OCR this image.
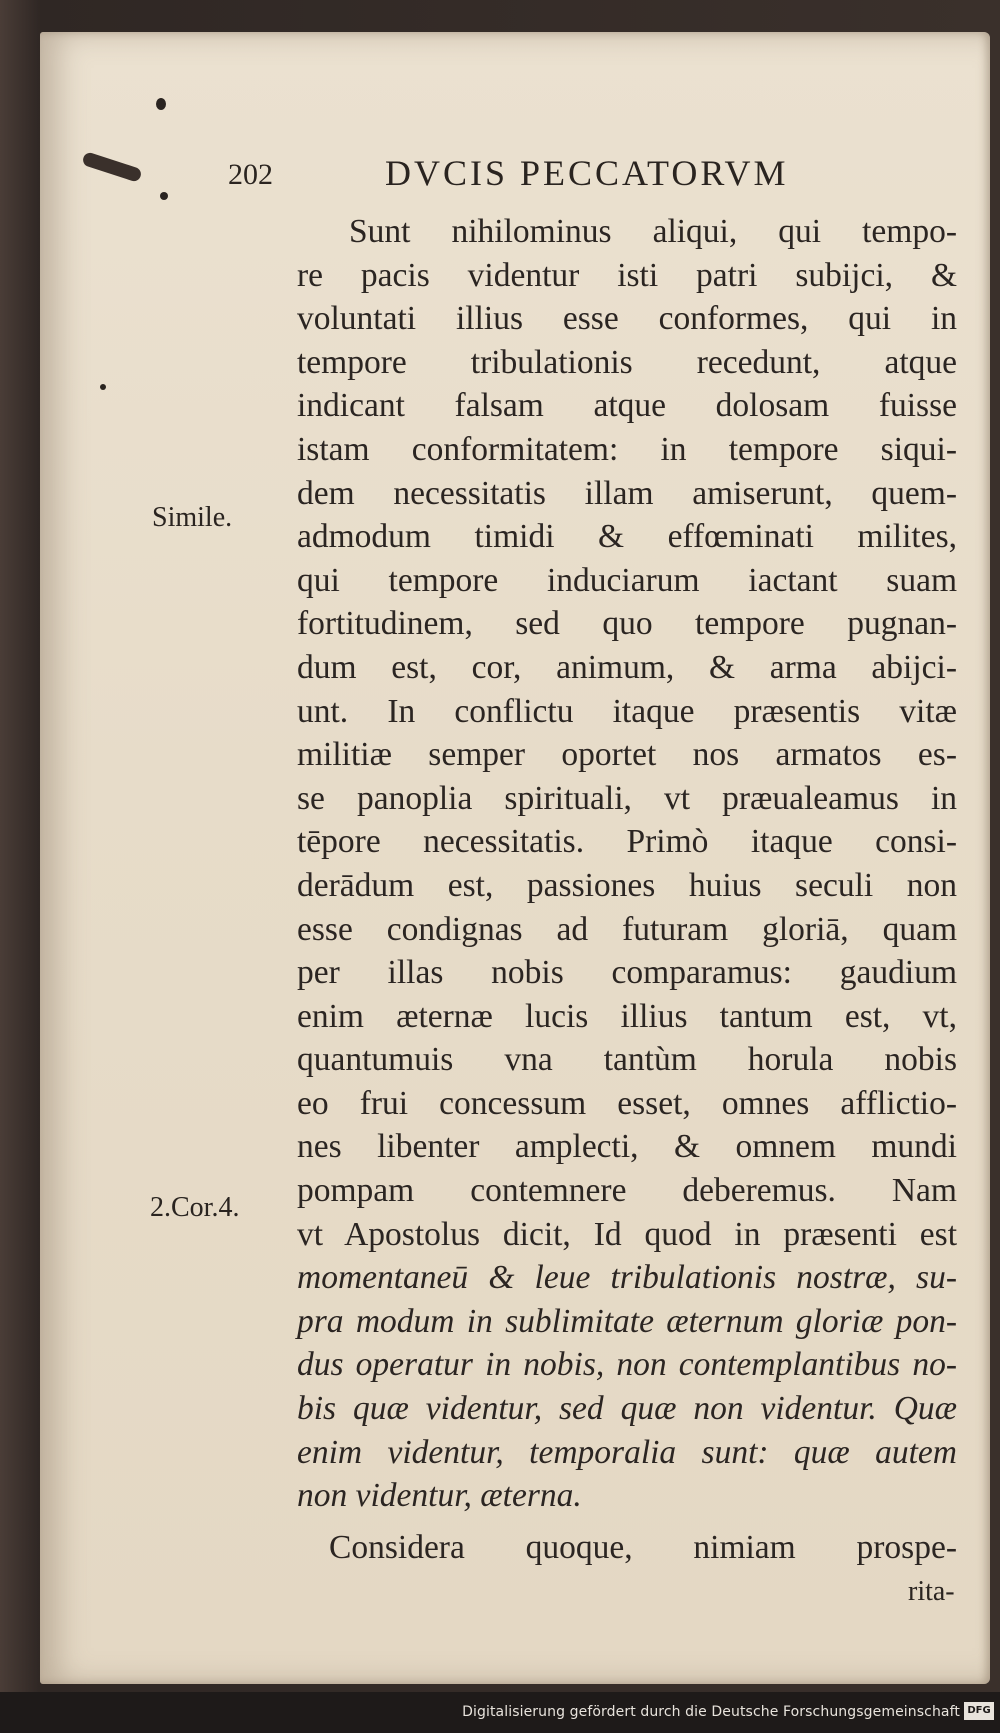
202	DVCIS PECCATORVM
Simile.
2.Cor.4.
Sunt nihilominus aliqui, qui tempo-
re pacis videntur isti patri subijci, &
voluntati illius esse conformes, qui in
tempore tribulationis recedunt, atque
indicant falsam atque dolosam fuisse
istam conformitatem: in tempore siqui-
dem necessitatis illam amiserunt, quem-
admodum timidi & effœminati milites,
qui tempore induciarum iactant suam
fortitudinem, sed quo tempore pugnan-
dum est, cor, animum, & arma abijci-
unt. In conflictu itaque præsentis vitæ
militiæ semper oportet nos armatos es-
se panoplia spirituali, vt præualeamus in
tēpore necessitatis. Primò itaque consi-
derādum est, passiones huius seculi non
esse condignas ad futuram gloriā, quam
per illas nobis comparamus: gaudium
enim æternæ lucis illius tantum est, vt,
quantumuis vna tantùm horula nobis
eo frui concessum esset, omnes afflictio-
nes libenter amplecti, & omnem mundi
pompam contemnere deberemus. Nam
vt Apostolus dicit, Id quod in præsenti est
momentaneū & leue tribulationis nostræ, su-
pra modum in sublimitate æternum gloriæ pon-
dus operatur in nobis, non contemplantibus no-
bis quæ videntur, sed quæ non videntur. Quæ
enim videntur, temporalia sunt: quæ autem
non videntur, æterna.
Considera quoque, nimiam prospe-
rita-
Digitalisierung gefördert durch die Deutsche Forschungsgemeinschaft DFG
